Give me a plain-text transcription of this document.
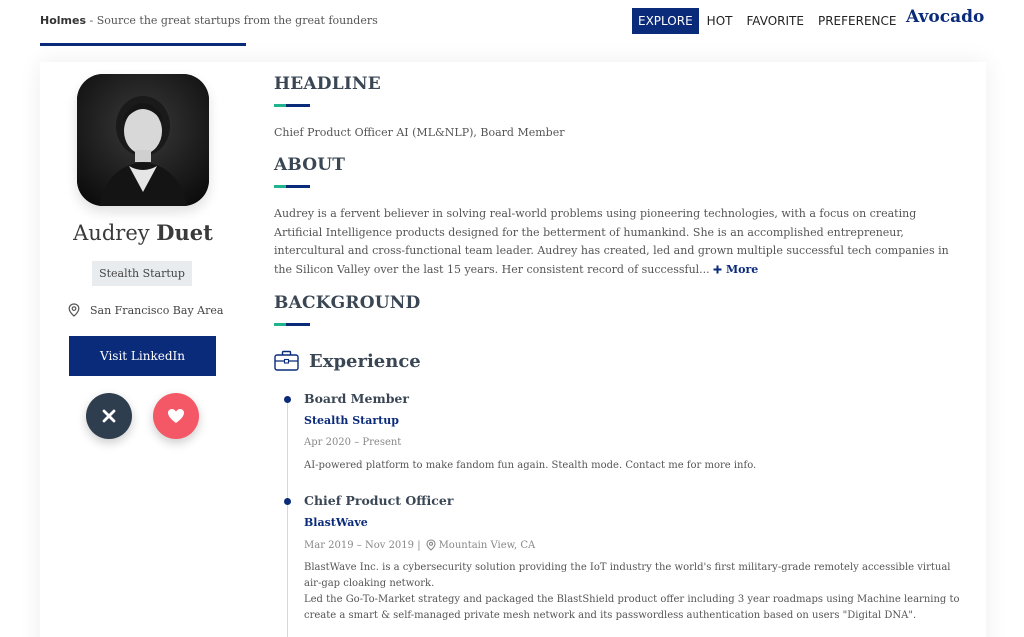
Holmes - Source the great startups from the great founders	EXPLORE	HOT	FAVORITE	PREFERENCE Avocado
Audrey Duet
Stealth Startup
San Francisco Bay Area
Visit LinkedIn
HEADLINE
Chief Product Officer AI (ML&NLP), Board Member
ABOUT
Audrey is a fervent believer in solving real-world problems using pioneering technologies, with a focus on creating Artificial Intelligence products designed for the betterment of humankind. She is an accomplished entrepreneur, intercultural and cross-functional team leader. Audrey has created, led and grown multiple successful tech companies in the Silicon Valley over the last 15 years. Her consistent record of successful... More
BACKGROUND
Experience
Board Member
Stealth Startup
Apr 2020 – Present
AI-powered platform to make fandom fun again. Stealth mode. Contact me for more info.
Chief Product Officer
BlastWave
Mar 2019 – Nov 2019 | Mountain View, CA
BlastWave Inc. is a cybersecurity solution providing the IoT industry the world's first military-grade remotely accessible virtual air-gap cloaking network.
Led the Go-To-Market strategy and packaged the BlastShield product offer including 3 year roadmaps using Machine learning to create a smart & self-managed private mesh network and its passwordless authentication based on users "Digital DNA".
